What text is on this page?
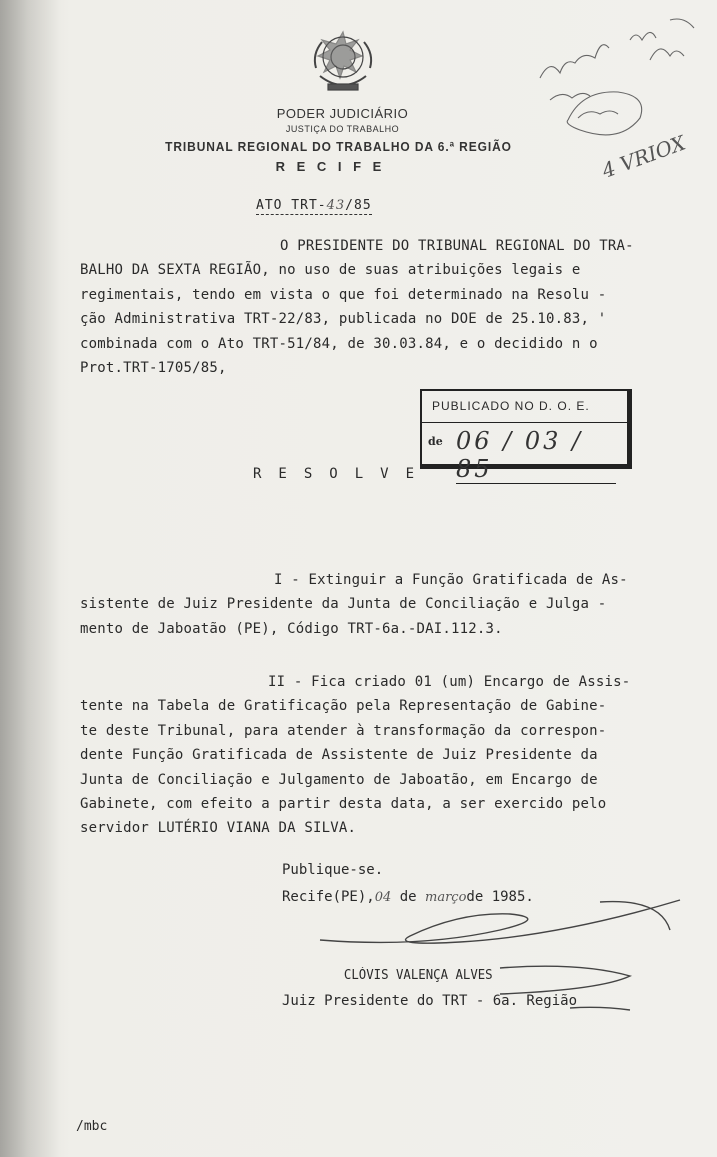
PODER JUDICIÁRIO
JUSTIÇA DO TRABALHO
TRIBUNAL REGIONAL DO TRABALHO DA 6.ª REGIÃO
R E C I F E	4 VRIOX
ATO TRT-43/85
O PRESIDENTE DO TRIBUNAL REGIONAL DO TRA-
BALHO DA SEXTA REGIÃO, no uso de suas atribuições legais e
regimentais, tendo em vista o que foi determinado na Resolu -
ção Administrativa TRT-22/83, publicada no DOE de 25.10.83, '
combinada com o Ato TRT-51/84, de 30.03.84, e o decidido n o
Prot.TRT-1705/85,
PUBLICADO NO D. O. E.
de 06 / 03 / 85
RESOLVE
I - Extinguir a Função Gratificada de As-
sistente de Juiz Presidente da Junta de Conciliação e Julga -
mento de Jaboatão (PE), Código TRT-6a.-DAI.112.3.
II - Fica criado 01 (um) Encargo de Assis-
tente na Tabela de Gratificação pela Representação de Gabine-
te deste Tribunal, para atender à transformação da correspon-
dente Função Gratificada de Assistente de Juiz Presidente da
Junta de Conciliação e Julgamento de Jaboatão, em Encargo de
Gabinete, com efeito a partir desta data, a ser exercido pelo
servidor LUTÉRIO VIANA DA SILVA.
Publique-se.
Recife(PE),04 de marçode 1985.
CLÓVIS VALENÇA ALVES
Juiz Presidente do TRT - 6a. Região
/mbc
